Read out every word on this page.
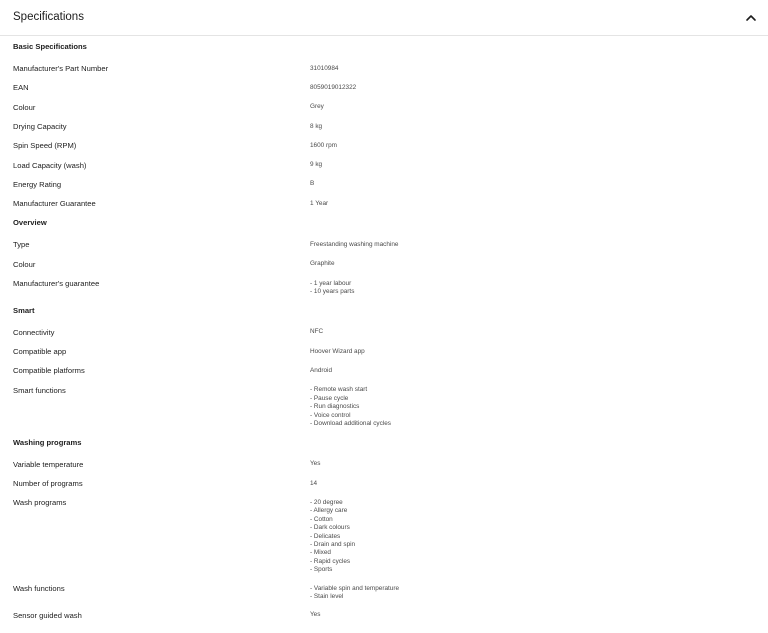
Specifications
Basic Specifications
Manufacturer's Part Number	31010984
EAN	8059019012322
Colour	Grey
Drying Capacity	8 kg
Spin Speed (RPM)	1600 rpm
Load Capacity (wash)	9 kg
Energy Rating	B
Manufacturer Guarantee	1 Year
Overview
Type	Freestanding washing machine
Colour	Graphite
Manufacturer's guarantee	- 1 year labour
- 10 years parts
Smart
Connectivity	NFC
Compatible app	Hoover Wizard app
Compatible platforms	Android
Smart functions	- Remote wash start
- Pause cycle
- Run diagnostics
- Voice control
- Download additional cycles
Washing programs
Variable temperature	Yes
Number of programs	14
Wash programs	- 20 degree
- Allergy care
- Cotton
- Dark colours
- Delicates
- Drain and spin
- Mixed
- Rapid cycles
- Sports
Wash functions	- Variable spin and temperature
- Stain level
Sensor guided wash	Yes
